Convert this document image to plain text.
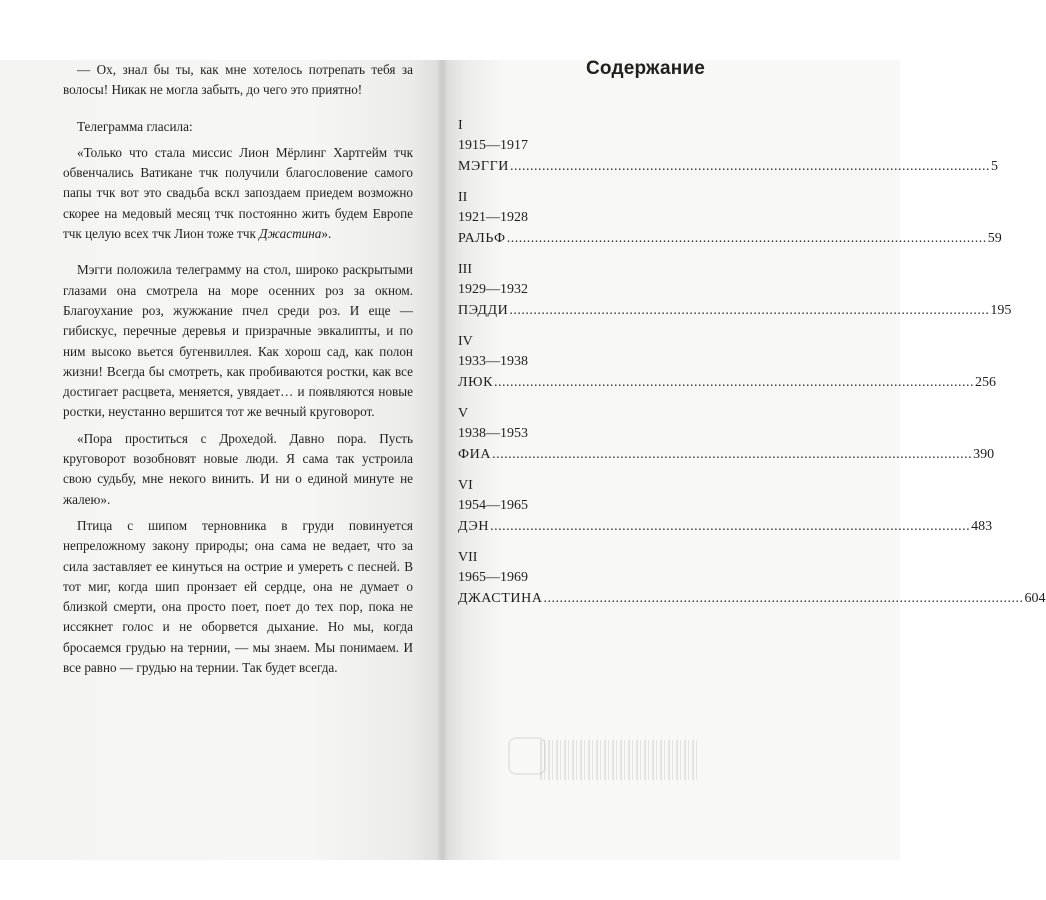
— Ох, знал бы ты, как мне хотелось потрепать тебя за волосы! Никак не могла забыть, до чего это приятно!

Телеграмма гласила:

«Только что стала миссис Лион Мёрлинг Хартгейм тчк обвенчались Ватикане тчк получили благословение самого папы тчк вот это свадьба вскл запоздаем приедем возможно скорее на медовый месяц тчк постоянно жить будем Европе тчк целую всех тчк Лион тоже тчк Джастина».

Мэгги положила телеграмму на стол, широко раскрытыми глазами она смотрела на море осенних роз за окном. Благоухание роз, жужжание пчел среди роз. И еще — гибискус, перечные деревья и призрачные эвкалипты, и по ним высоко вьется бугенвиллея. Как хорош сад, как полон жизни! Всегда бы смотреть, как пробиваются ростки, как все достигает расцвета, меняется, увядает… и появляются новые ростки, неустанно вершится тот же вечный круговорот.

«Пора проститься с Дрохедой. Давно пора. Пусть круговорот возобновят новые люди. Я сама так устроила свою судьбу, мне некого винить. И ни о единой минуте не жалею».

Птица с шипом терновника в груди повинуется непреложному закону природы; она сама не ведает, что за сила заставляет ее кинуться на острие и умереть с песней. В тот миг, когда шип пронзает ей сердце, она не думает о близкой смерти, она просто поет, поет до тех пор, пока не иссякнет голос и не оборвется дыхание. Но мы, когда бросаемся грудью на тернии, — мы знаем. Мы понимаем. И все равно — грудью на тернии. Так будет всегда.

Содержание
I
1915—1917
МЭГГИ ........................................................................................................................ 5
II
1921—1928
РАЛЬФ ........................................................................................................................ 59
III
1929—1932
ПЭДДИ ........................................................................................................................ 195
IV
1933—1938
ЛЮК ........................................................................................................................ 256
V
1938—1953
ФИА ........................................................................................................................ 390
VI
1954—1965
ДЭН ........................................................................................................................ 483
VII
1965—1969
ДЖАСТИНА ........................................................................................................................ 604
